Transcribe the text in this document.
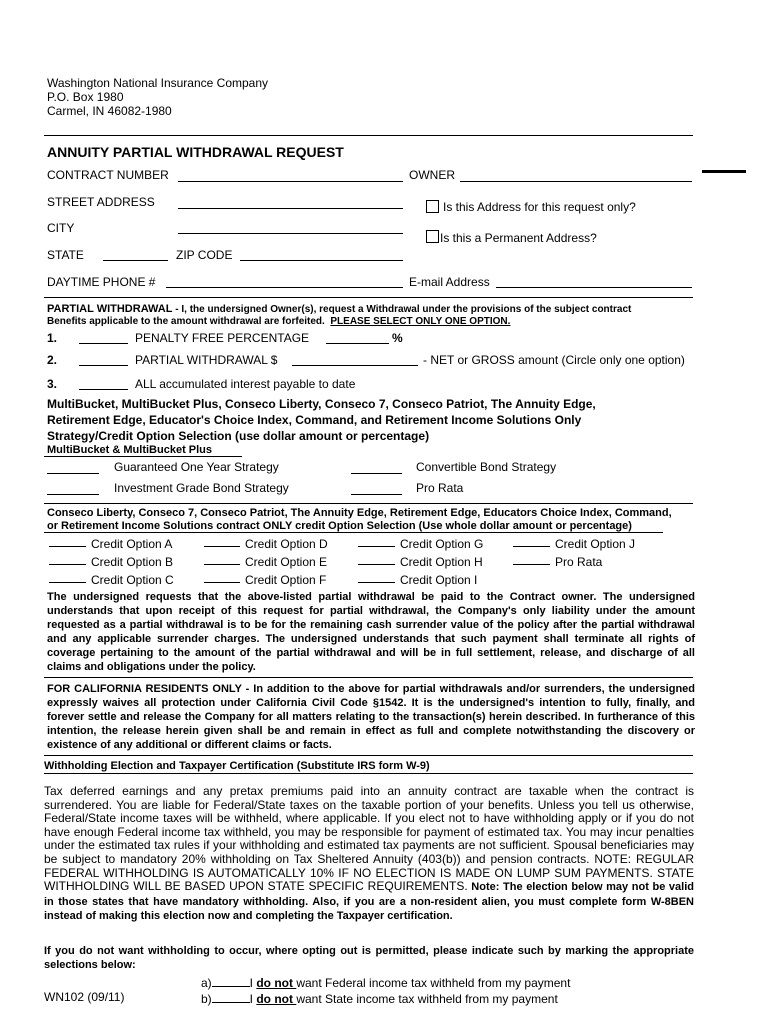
Washington National Insurance Company
P.O. Box 1980
Carmel, IN 46082-1980
ANNUITY PARTIAL WITHDRAWAL REQUEST
CONTRACT NUMBER	OWNER
STREET ADDRESS	Is this Address for this request only?
CITY
Is this a Permanent Address?
STATE	ZIP CODE
DAYTIME PHONE #	E-mail Address
PARTIAL WITHDRAWAL - I, the undersigned Owner(s), request a Withdrawal under the provisions of the subject contract
Benefits applicable to the amount withdrawal are forfeited. PLEASE SELECT ONLY ONE OPTION.
1.	PENALTY FREE PERCENTAGE	%
2.	PARTIAL WITHDRAWAL $	- NET or GROSS amount (Circle only one option)
3.	ALL accumulated interest payable to date
MultiBucket, MultiBucket Plus, Conseco Liberty, Conseco 7, Conseco Patriot, The Annuity Edge,
Retirement Edge, Educator's Choice Index, Command, and Retirement Income Solutions Only
Strategy/Credit Option Selection (use dollar amount or percentage)
MultiBucket & MultiBucket Plus
Guaranteed One Year Strategy	Convertible Bond Strategy
Investment Grade Bond Strategy	Pro Rata
Conseco Liberty, Conseco 7, Conseco Patriot, The Annuity Edge, Retirement Edge, Educators Choice Index, Command,
or Retirement Income Solutions contract ONLY credit Option Selection (Use whole dollar amount or percentage)
Credit Option A	Credit Option D	Credit Option G	Credit Option J
Credit Option B	Credit Option E	Credit Option H	Pro Rata
Credit Option C	Credit Option F	Credit Option I
The undersigned requests that the above-listed partial withdrawal be paid to the Contract owner. The undersigned understands that upon receipt of this request for partial withdrawal, the Company's only liability under the amount requested as a partial withdrawal is to be for the remaining cash surrender value of the policy after the partial withdrawal and any applicable surrender charges. The undersigned understands that such payment shall terminate all rights of coverage pertaining to the amount of the partial withdrawal and will be in full settlement, release, and discharge of all claims and obligations under the policy.
FOR CALIFORNIA RESIDENTS ONLY - In addition to the above for partial withdrawals and/or surrenders, the undersigned expressly waives all protection under California Civil Code §1542. It is the undersigned's intention to fully, finally, and forever settle and release the Company for all matters relating to the transaction(s) herein described. In furtherance of this intention, the release herein given shall be and remain in effect as full and complete notwithstanding the discovery or existence of any additional or different claims or facts.
Withholding Election and Taxpayer Certification (Substitute IRS form W-9)
Tax deferred earnings and any pretax premiums paid into an annuity contract are taxable when the contract is surrendered. You are liable for Federal/State taxes on the taxable portion of your benefits. Unless you tell us otherwise, Federal/State income taxes will be withheld, where applicable. If you elect not to have withholding apply or if you do not have enough Federal income tax withheld, you may be responsible for payment of estimated tax. You may incur penalties under the estimated tax rules if your withholding and estimated tax payments are not sufficient. Spousal beneficiaries may be subject to mandatory 20% withholding on Tax Sheltered Annuity (403(b)) and pension contracts. NOTE: REGULAR FEDERAL WITHHOLDING IS AUTOMATICALLY 10% IF NO ELECTION IS MADE ON LUMP SUM PAYMENTS. STATE WITHHOLDING WILL BE BASED UPON STATE SPECIFIC REQUIREMENTS. Note: The election below may not be valid in those states that have mandatory withholding. Also, if you are a non-resident alien, you must complete form W-8BEN instead of making this election now and completing the Taxpayer certification.
If you do not want withholding to occur, where opting out is permitted, please indicate such by marking the appropriate selections below:
a)	I do not want Federal income tax withheld from my payment
b)	I do not want State income tax withheld from my payment
WN102 (09/11)
